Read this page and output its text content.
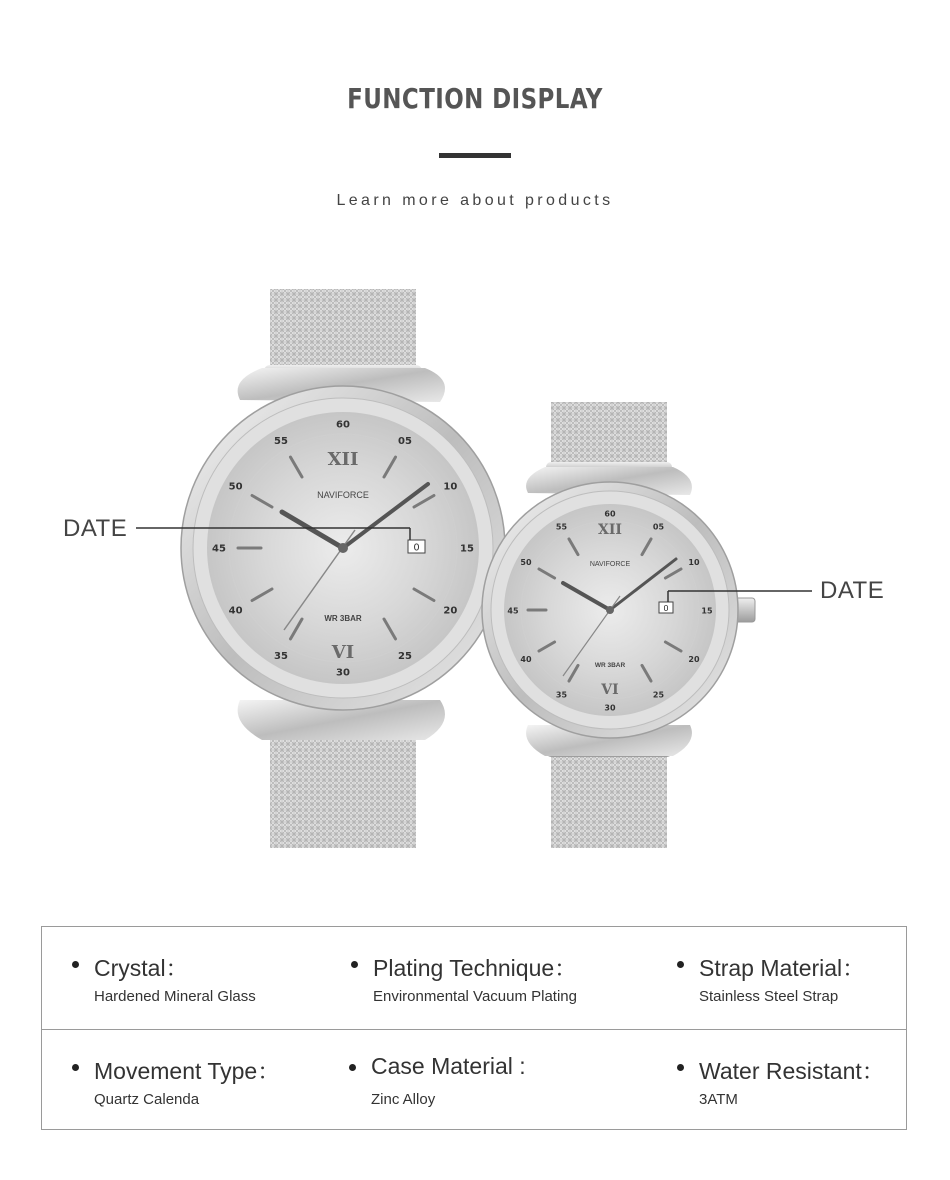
FUNCTION DISPLAY
Learn more about products
60
05
10
15
20
25
30
35
40
45
50
55
XII
VI
NAVIFORCE
WR 3BAR
0
60
05
10
15
20
25
30
35
40
45
50
55 XII
VI
NAVIFORCE
WR 3BAR
0
DATE
DATE
Crystal：
Hardened Mineral Glass
Plating Technique：
Environmental Vacuum Plating
Strap Material：
Stainless Steel Strap
Movement Type：
Quartz Calenda
Case Material :
Zinc Alloy
Water Resistant：
3ATM
